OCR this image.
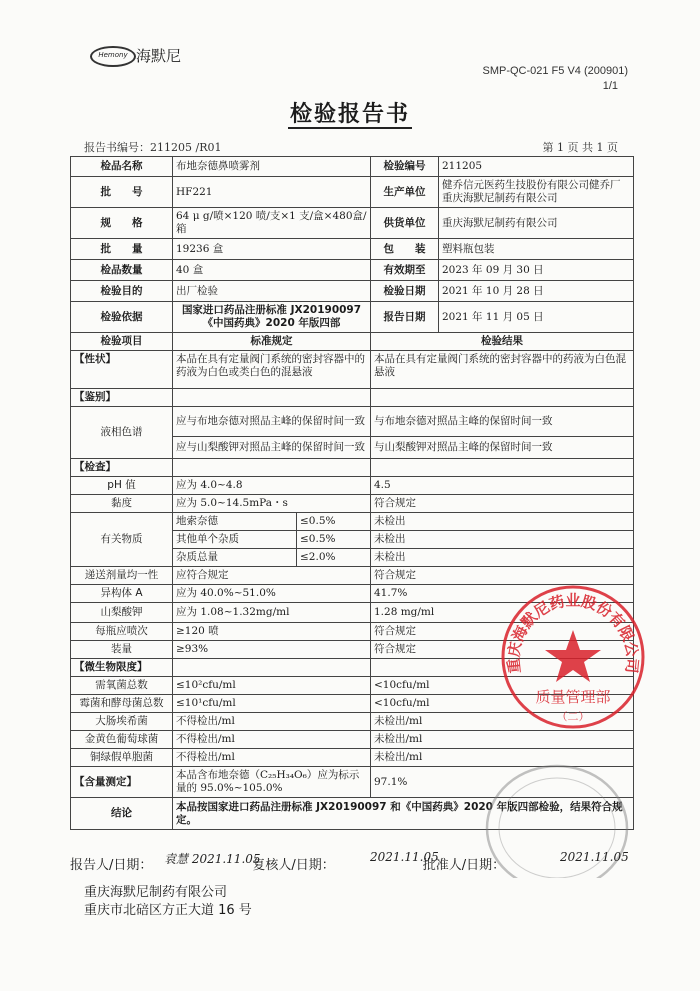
Hemony 海默尼
SMP-QC-021 F5 V4 (200901)
1/1
检验报告书
报告书编号：211205 /R01	第 1 页 共 1 页
检品名称	布地奈德鼻喷雾剂		检验编号	211205
批　　号	HF221		生产单位	健乔信元医药生技股份有限公司健乔厂重庆海默尼制药有限公司
规　　格	64 μ g/喷×120 喷/支×1 支/盒×480盒/箱		供货单位	重庆海默尼制药有限公司
批　　量	19236 盒		包　　装	塑料瓶包装
检品数量	40 盒		有效期至	2023 年 09 月 30 日
检验目的	出厂检验		检验日期	2021 年 10 月 28 日
检验依据	国家进口药品注册标准 JX20190097《中国药典》2020 年版四部		报告日期	2021 年 11 月 05 日
检验项目	标准规定		检验结果	
【性状】	本品在具有定量阀门系统的密封容器中的药液为白色或类白色的混悬液		本品在具有定量阀门系统的密封容器中的药液为白色混悬液	
【鉴别】				
液相色谱	应与布地奈德对照品主峰的保留时间一致		与布地奈德对照品主峰的保留时间一致	
	应与山梨酸钾对照品主峰的保留时间一致		与山梨酸钾对照品主峰的保留时间一致	
【检查】				
pH 值	应为 4.0~4.8		4.5	
黏度	应为 5.0~14.5mPa・s		符合规定	
有关物质	地索奈德	≤0.5%	未检出	
	其他单个杂质	≤0.5%	未检出	
	杂质总量	≤2.0%	未检出	
递送剂量均一性	应符合规定		符合规定	
异构体 A	应为 40.0%~51.0%		41.7%	
山梨酸钾	应为 1.08~1.32mg/ml		1.28 mg/ml	
每瓶应喷次	≥120 喷		符合规定	
装量	≥93%		符合规定	
【微生物限度】				
需氧菌总数	≤10²cfu/ml		<10cfu/ml	
霉菌和酵母菌总数	≤10¹cfu/ml		<10cfu/ml	
大肠埃希菌	不得检出/ml		未检出/ml	
金黄色葡萄球菌	不得检出/ml		未检出/ml	
铜绿假单胞菌	不得检出/ml		未检出/ml	
【含量测定】	本品含布地奈德（C₂₅H₃₄O₆）应为标示量的 95.0%~105.0%		97.1%	
结论	本品按国家进口药品注册标准 JX20190097 和《中国药典》2020 年版四部检验，结果符合规定。			
重庆海默尼药业股份有限公司
质量管理部
（二）
报告人/日期：	复核人/日期：	批准人/日期：
袁慧 2021.11.05	2021.11.05	2021.11.05
重庆海默尼制药有限公司
重庆市北碚区方正大道 16 号
